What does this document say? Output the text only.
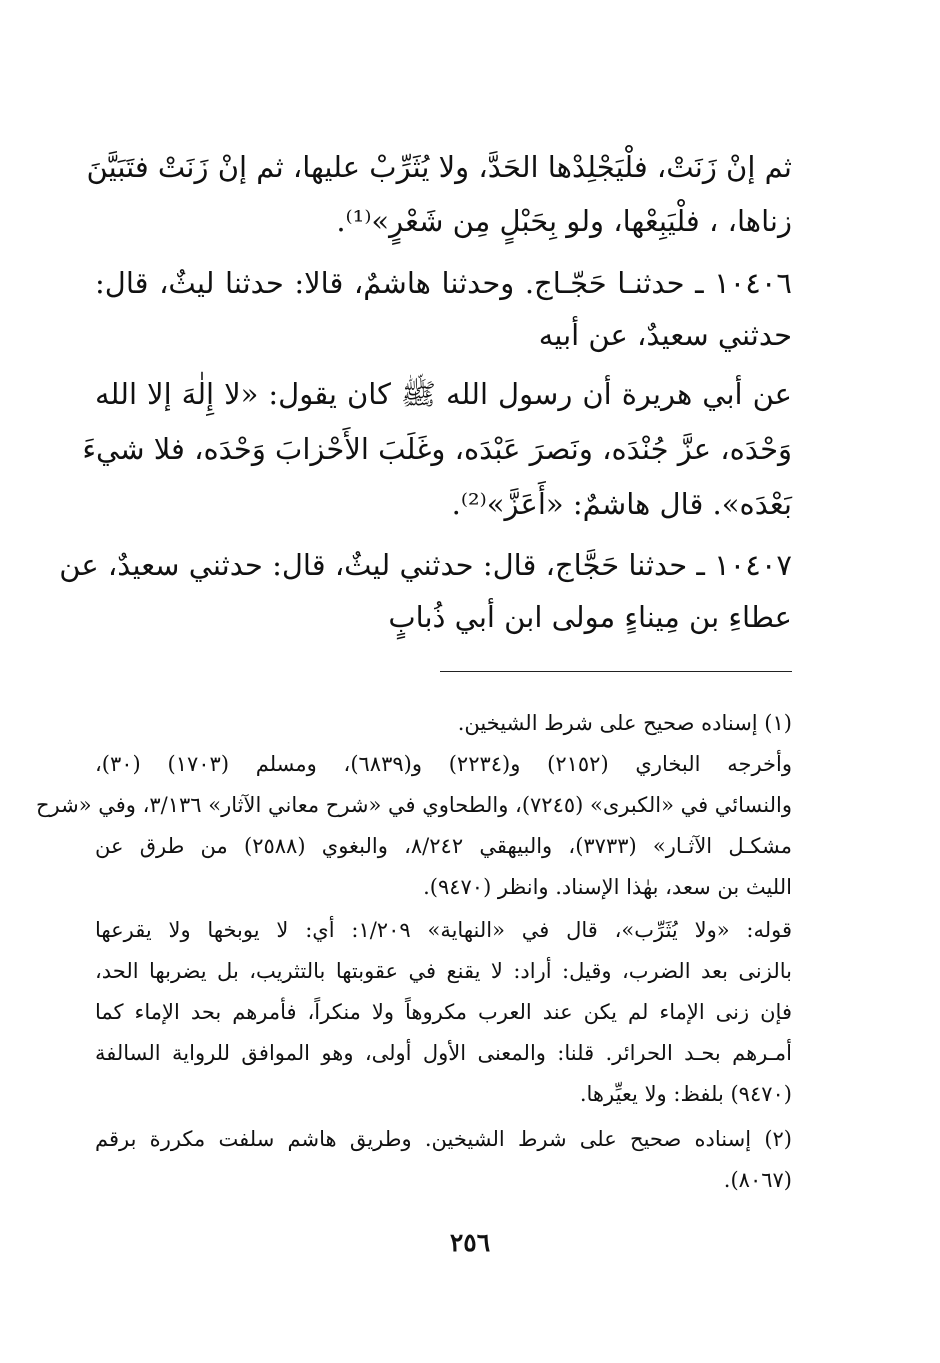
ثم إنْ زَنَتْ، فلْيَجْلِدْها الحَدَّ، ولا يُثَرِّبْ عليها، ثم إنْ زَنَتْ فتَبَيَّنَ
زناها، ، فلْيَبِعْها، ولو بِحَبْلٍ مِن شَعْرٍ»⁽¹⁾.
١٠٤٠٦ ـ حدثنـا حَجّـاج. وحدثنا هاشمٌ، قالا: حدثنا ليثٌ، قال:
حدثني سعيدٌ، عن أبيه
عن أبي هريرة أن رسول الله ﷺ كان يقول: «لا إِلٰهَ إلا الله
وَحْدَه، عزَّ جُنْدَه، ونَصرَ عَبْدَه، وغَلَبَ الأَحْزابَ وَحْدَه، فلا شيءَ
بَعْدَه». قال هاشمٌ: «أَعَزَّ»⁽²⁾.
١٠٤٠٧ ـ حدثنا حَجَّاج، قال: حدثني ليثٌ، قال: حدثني سعيدٌ، عن
عطاءِ بن مِيناءٍ مولى ابن أبي ذُبابٍ
(١) إسناده صحيح على شرط الشيخين.
وأخرجه البخاري (٢١٥٢) و(٢٢٣٤) و(٦٨٣٩)، ومسلم (١٧٠٣) (٣٠)،
والنسائي في «الكبرى» (٧٢٤٥)، والطحاوي في «شرح معاني الآثار» ٣/١٣٦، وفي «شرح
مشكـل الآثـار» (٣٧٣٣)، والبيهقي ٨/٢٤٢، والبغوي (٢٥٨٨) من طرق عن
الليث بن سعد، بهٰذا الإسناد. وانظر (٩٤٧٠).
قوله: «ولا يُثَرِّب»، قال في «النهاية» ١/٢٠٩: أي: لا يوبخها ولا يقرعها
بالزنى بعد الضرب، وقيل: أراد: لا يقنع في عقوبتها بالتثريب، بل يضربها الحد،
فإن زنى الإماء لم يكن عند العرب مكروهاً ولا منكراً، فأمرهم بحد الإماء كما
أمـرهم بحـد الحرائر. قلنا: والمعنى الأول أولى، وهو الموافق للرواية السالفة
(٩٤٧٠) بلفظ: ولا يعيِّرها.
(٢) إسناده صحيح على شرط الشيخين. وطريق هاشم سلفت مكررة برقم
(٨٠٦٧).
٢٥٦
